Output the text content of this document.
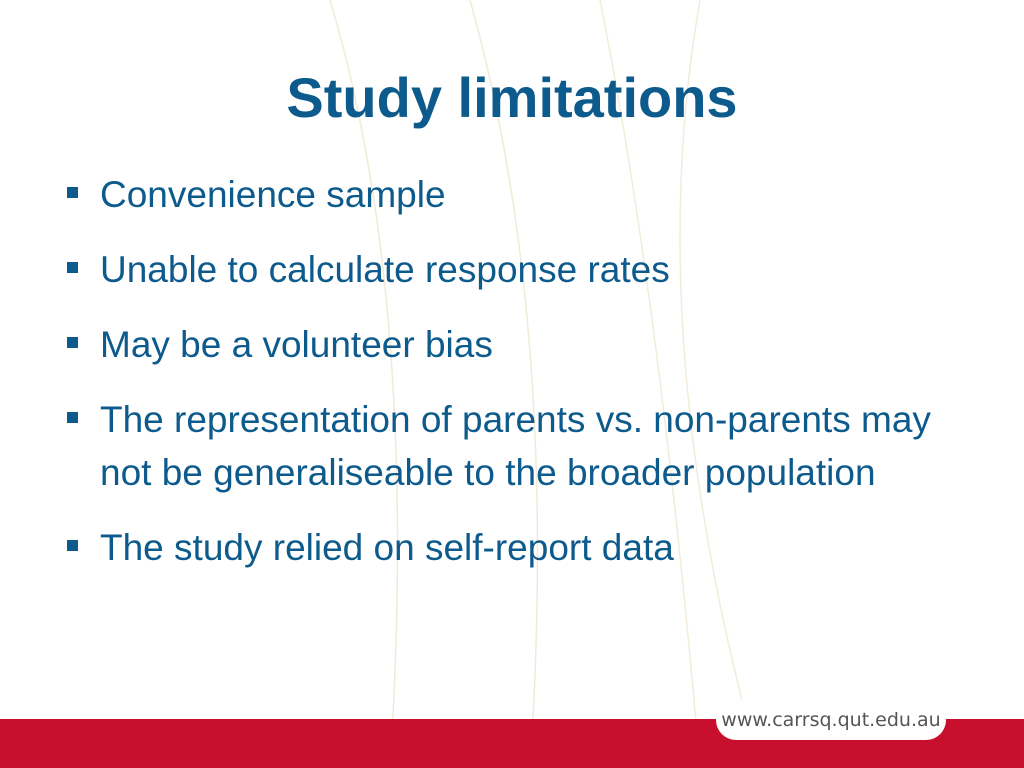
Study limitations
Convenience sample
Unable to calculate response rates
May be a volunteer bias
The representation of parents vs. non-parents may not be generaliseable to the broader population
The study relied on self-report data
www.carrsq.qut.edu.au
